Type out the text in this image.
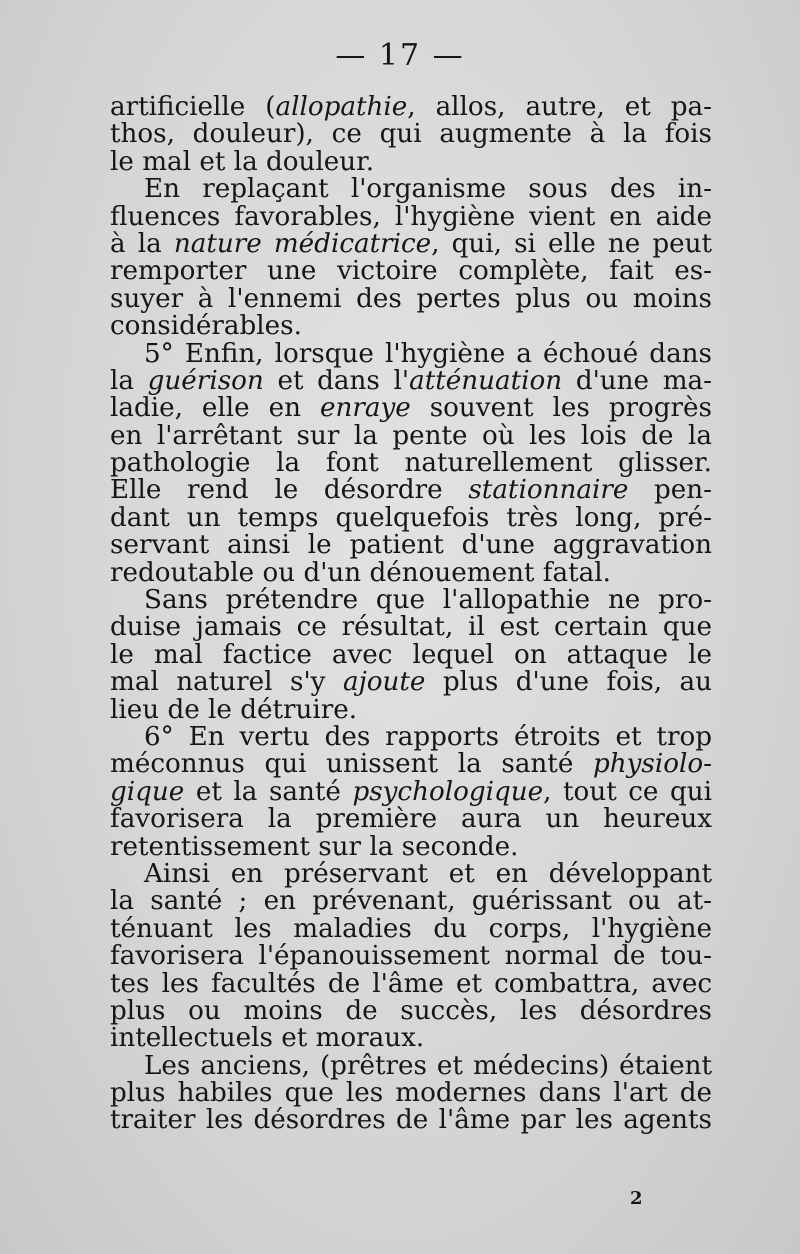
— 17 —
artificielle (allopathie, allos, autre, et pa-
thos, douleur), ce qui augmente à la fois
le mal et la douleur.
En replaçant l'organisme sous des in-
fluences favorables, l'hygiène vient en aide
à la nature médicatrice, qui, si elle ne peut
remporter une victoire complète, fait es-
suyer à l'ennemi des pertes plus ou moins
considérables.
5° Enfin, lorsque l'hygiène a échoué dans
la guérison et dans l'atténuation d'une ma-
ladie, elle en enraye souvent les progrès
en l'arrêtant sur la pente où les lois de la
pathologie la font naturellement glisser.
Elle rend le désordre stationnaire pen-
dant un temps quelquefois très long, pré-
servant ainsi le patient d'une aggravation
redoutable ou d'un dénouement fatal.
Sans prétendre que l'allopathie ne pro-
duise jamais ce résultat, il est certain que
le mal factice avec lequel on attaque le
mal naturel s'y ajoute plus d'une fois, au
lieu de le détruire.
6° En vertu des rapports étroits et trop
méconnus qui unissent la santé physiolo-
gique et la santé psychologique, tout ce qui
favorisera la première aura un heureux
retentissement sur la seconde.
Ainsi en préservant et en développant
la santé ; en prévenant, guérissant ou at-
ténuant les maladies du corps, l'hygiène
favorisera l'épanouissement normal de tou-
tes les facultés de l'âme et combattra, avec
plus ou moins de succès, les désordres
intellectuels et moraux.
Les anciens, (prêtres et médecins) étaient
plus habiles que les modernes dans l'art de
traiter les désordres de l'âme par les agents
2
